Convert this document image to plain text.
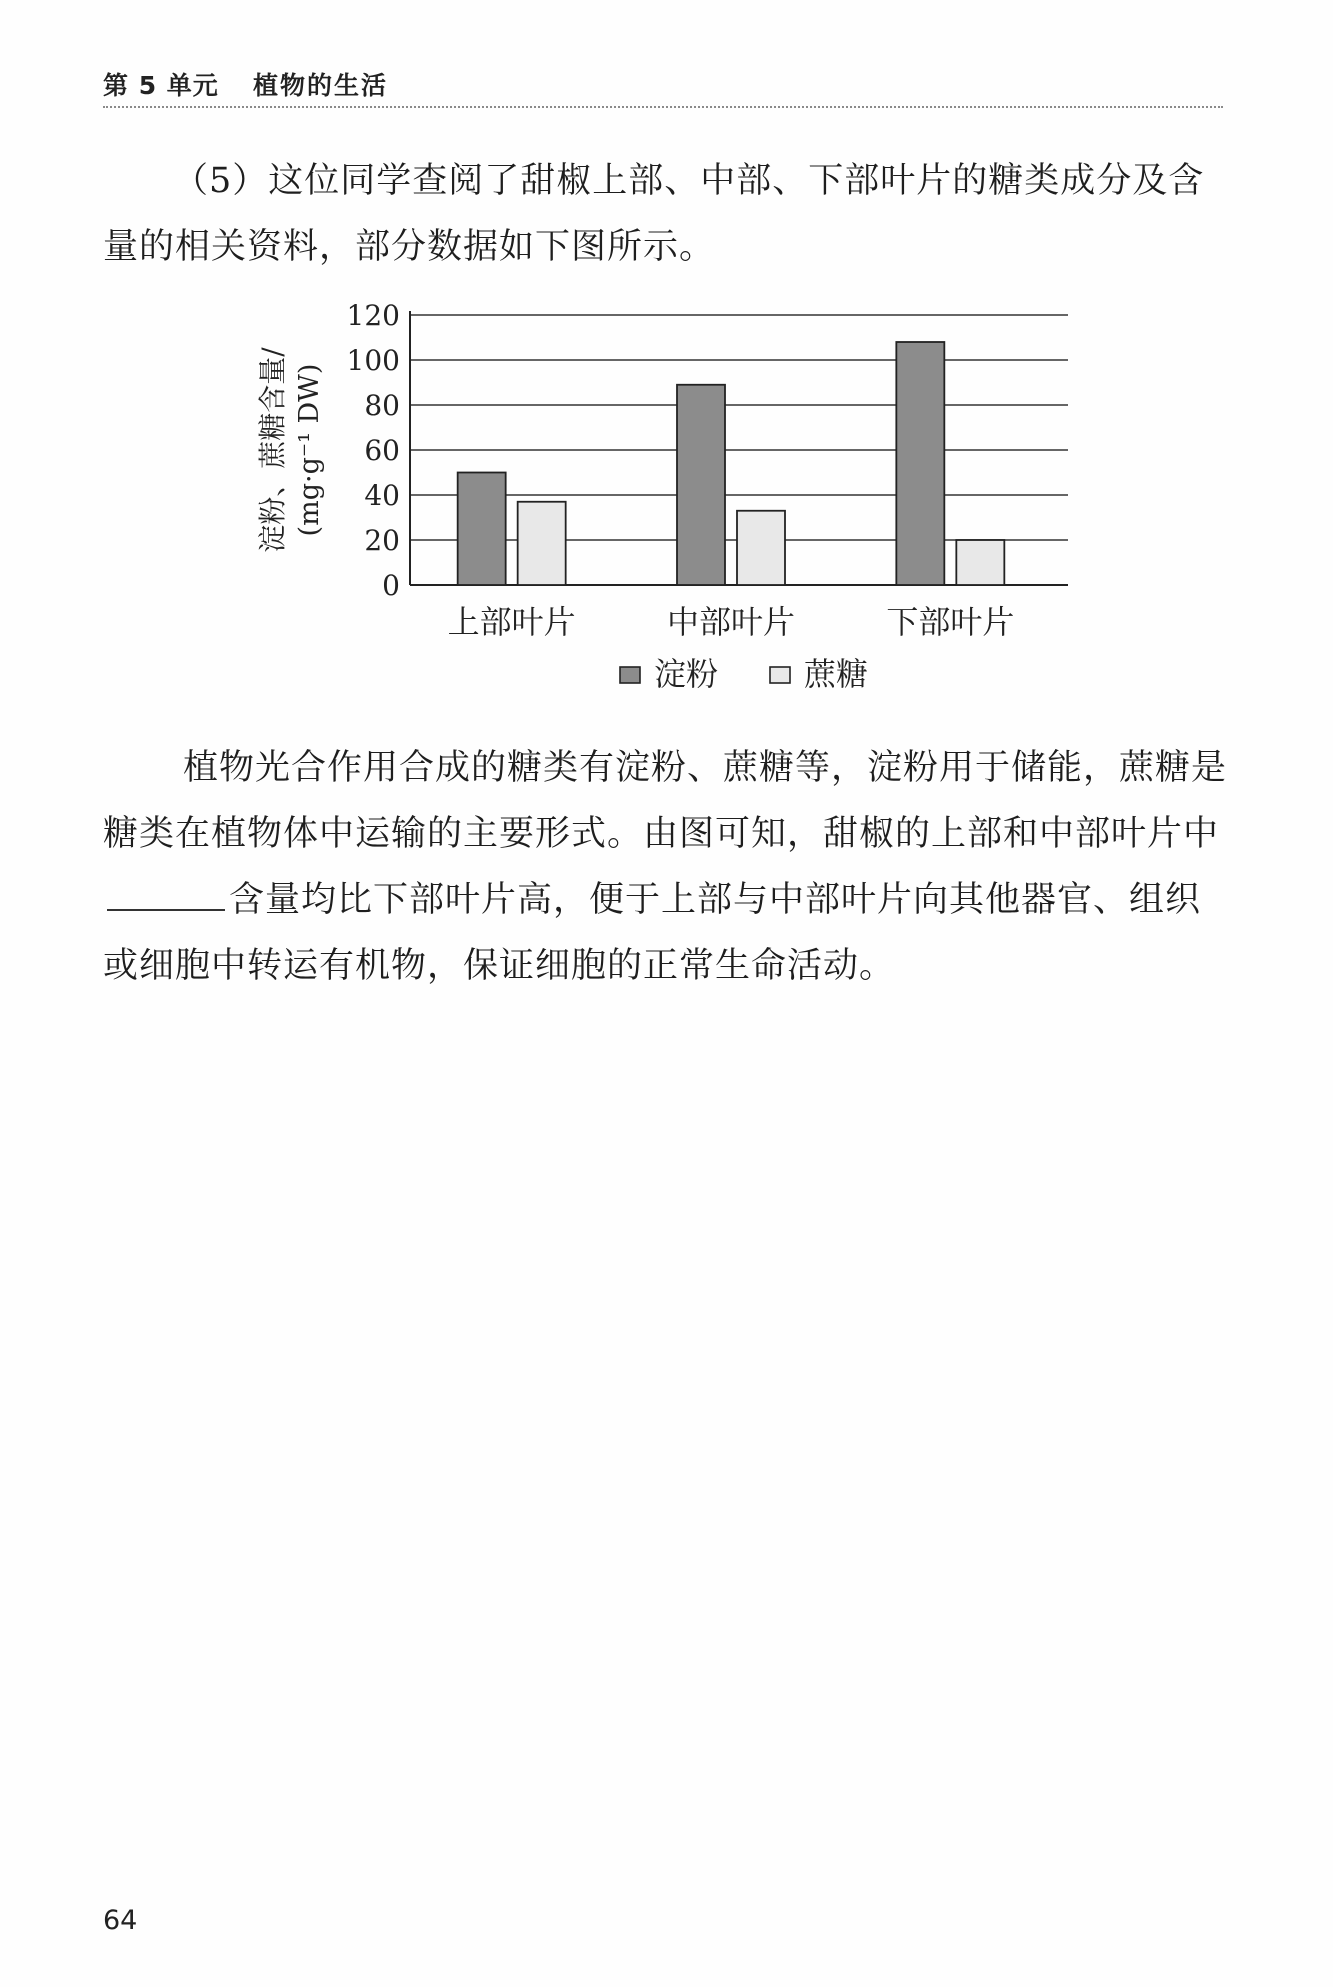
第 5 单元 植物的生活

（5）这位同学查阅了甜椒上部、中部、下部叶片的糖类成分及含量的相关资料，部分数据如下图所示。

0
20
40
60
80
100
120
淀粉、蔗糖含量/ (mg·g⁻¹ DW)
上部叶片	中部叶片	下部叶片
淀粉	蔗糖

植物光合作用合成的糖类有淀粉、蔗糖等，淀粉用于储能，蔗糖是糖类在植物体中运输的主要形式。由图可知，甜椒的上部和中部叶片中含量均比下部叶片高，便于上部与中部叶片向其他器官、组织或细胞中转运有机物，保证细胞的正常生命活动。

64
